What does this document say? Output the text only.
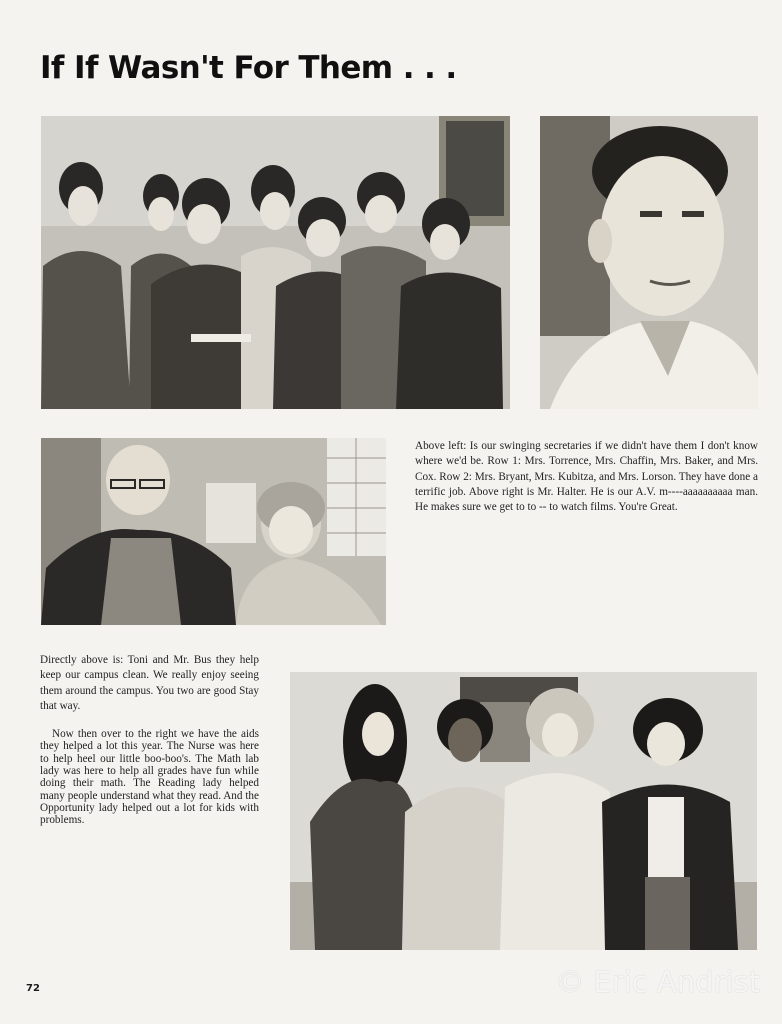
If If Wasn't For Them . . .

Above left: Is our swinging secretaries if we didn't have them I don't know where we'd be. Row 1: Mrs. Torrence, Mrs. Chaffin, Mrs. Baker, and Mrs. Cox. Row 2: Mrs. Bryant, Mrs. Kubitza, and Mrs. Lorson. They have done a terrific job. Above right is Mr. Halter. He is our A.V. m----aaaaaaaaaa man. He makes sure we get to to -- to watch films. You're Great.

Directly above is: Toni and Mr. Bus they help keep our campus clean. We really enjoy seeing them around the campus. You two are good Stay that way.

Now then over to the right we have the aids they helped a lot this year. The Nurse was here to help heel our little boo-boo's. The Math lab lady was here to help all grades have fun while doing their math. The Reading lady helped many people understand what they read. And the Opportunity lady helped out a lot for kids with problems.

72	© Eric Andrist
